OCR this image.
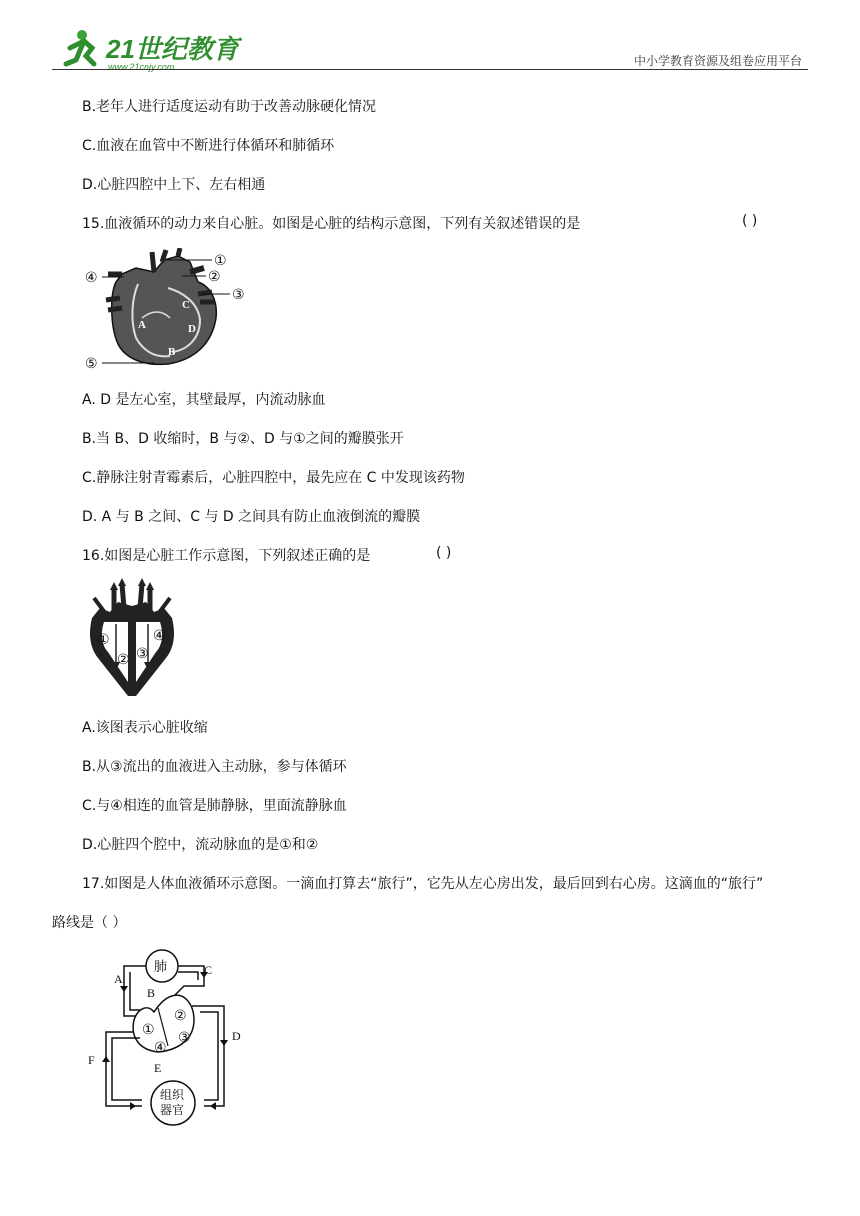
21世纪教育
www.21cnjy.com	中小学教育资源及组卷应用平台
B.老年人进行适度运动有助于改善动脉硬化情况
C.血液在血管中不断进行体循环和肺循环
D.心脏四腔中上下、左右相通
15.血液循环的动力来自心脏。如图是心脏的结构示意图，下列有关叙述错误的是	( )
①
②
③
④
⑤
A
B
C
D
A. D 是左心室，其壁最厚，内流动脉血
B.当 B、D 收缩时，B 与②、D 与①之间的瓣膜张开
C.静脉注射青霉素后，心脏四腔中，最先应在 C 中发现该药物
D. A 与 B 之间、C 与 D 之间具有防止血液倒流的瓣膜
16.如图是心脏工作示意图，下列叙述正确的是	( )
①
② ③
④
A.该图表示心脏收缩
B.从③流出的血液进入主动脉，参与体循环
C.与④相连的血管是肺静脉，里面流静脉血
D.心脏四个腔中，流动脉血的是①和②
17.如图是人体血液循环示意图。一滴血打算去“旅行”，它先从左心房出发，最后回到右心房。这滴血的“旅行”
路线是（ ）
肺
组织
器官
①
②
③
④
A
B
C
D
E
F
